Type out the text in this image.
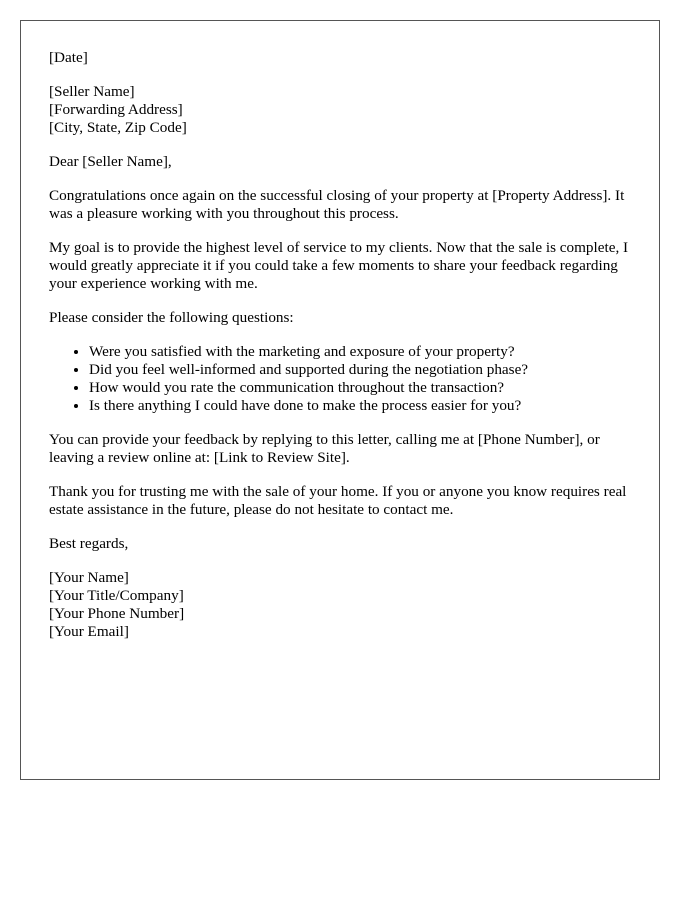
[Date]

[Seller Name]
[Forwarding Address]
[City, State, Zip Code]

Dear [Seller Name],

Congratulations once again on the successful closing of your property at [Property Address]. It was a pleasure working with you throughout this process.

My goal is to provide the highest level of service to my clients. Now that the sale is complete, I would greatly appreciate it if you could take a few moments to share your feedback regarding your experience working with me.

Please consider the following questions:

• Were you satisfied with the marketing and exposure of your property?
• Did you feel well-informed and supported during the negotiation phase?
• How would you rate the communication throughout the transaction?
• Is there anything I could have done to make the process easier for you?

You can provide your feedback by replying to this letter, calling me at [Phone Number], or leaving a review online at: [Link to Review Site].

Thank you for trusting me with the sale of your home. If you or anyone you know requires real estate assistance in the future, please do not hesitate to contact me.

Best regards,

[Your Name]
[Your Title/Company]
[Your Phone Number]
[Your Email]
